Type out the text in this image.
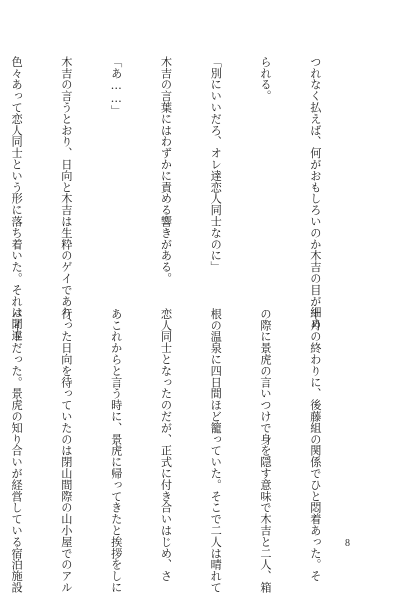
つれなく払えば、何がおもしろいのか木吉の目が細め

られる。

「別にいいだろ、オレ達恋人同士なのに」

木吉の言葉にはわずかに責める響きがある。

「あ……」

木吉の言うとおり、日向と木吉は生粋のゲイであり、

色々あって恋人同士という形に落ち着いた。それは間違

十月の終わりに、後藤組の関係でひと悶着あった。そ

の際に景虎の言いつけで身を隠す意味で木吉と二人、箱

根の温泉に四日間ほど籠っていた。そこで二人は晴れて

恋人同士となったのだが、正式に付き合いはじめ、さ

あこれからと言う時に、景虎に帰ってきたと挨拶をしに

行った日向を待っていたのは閉山間際の山小屋でのアル

バイトだった。景虎の知り合いが経営している宿泊施設

	8
